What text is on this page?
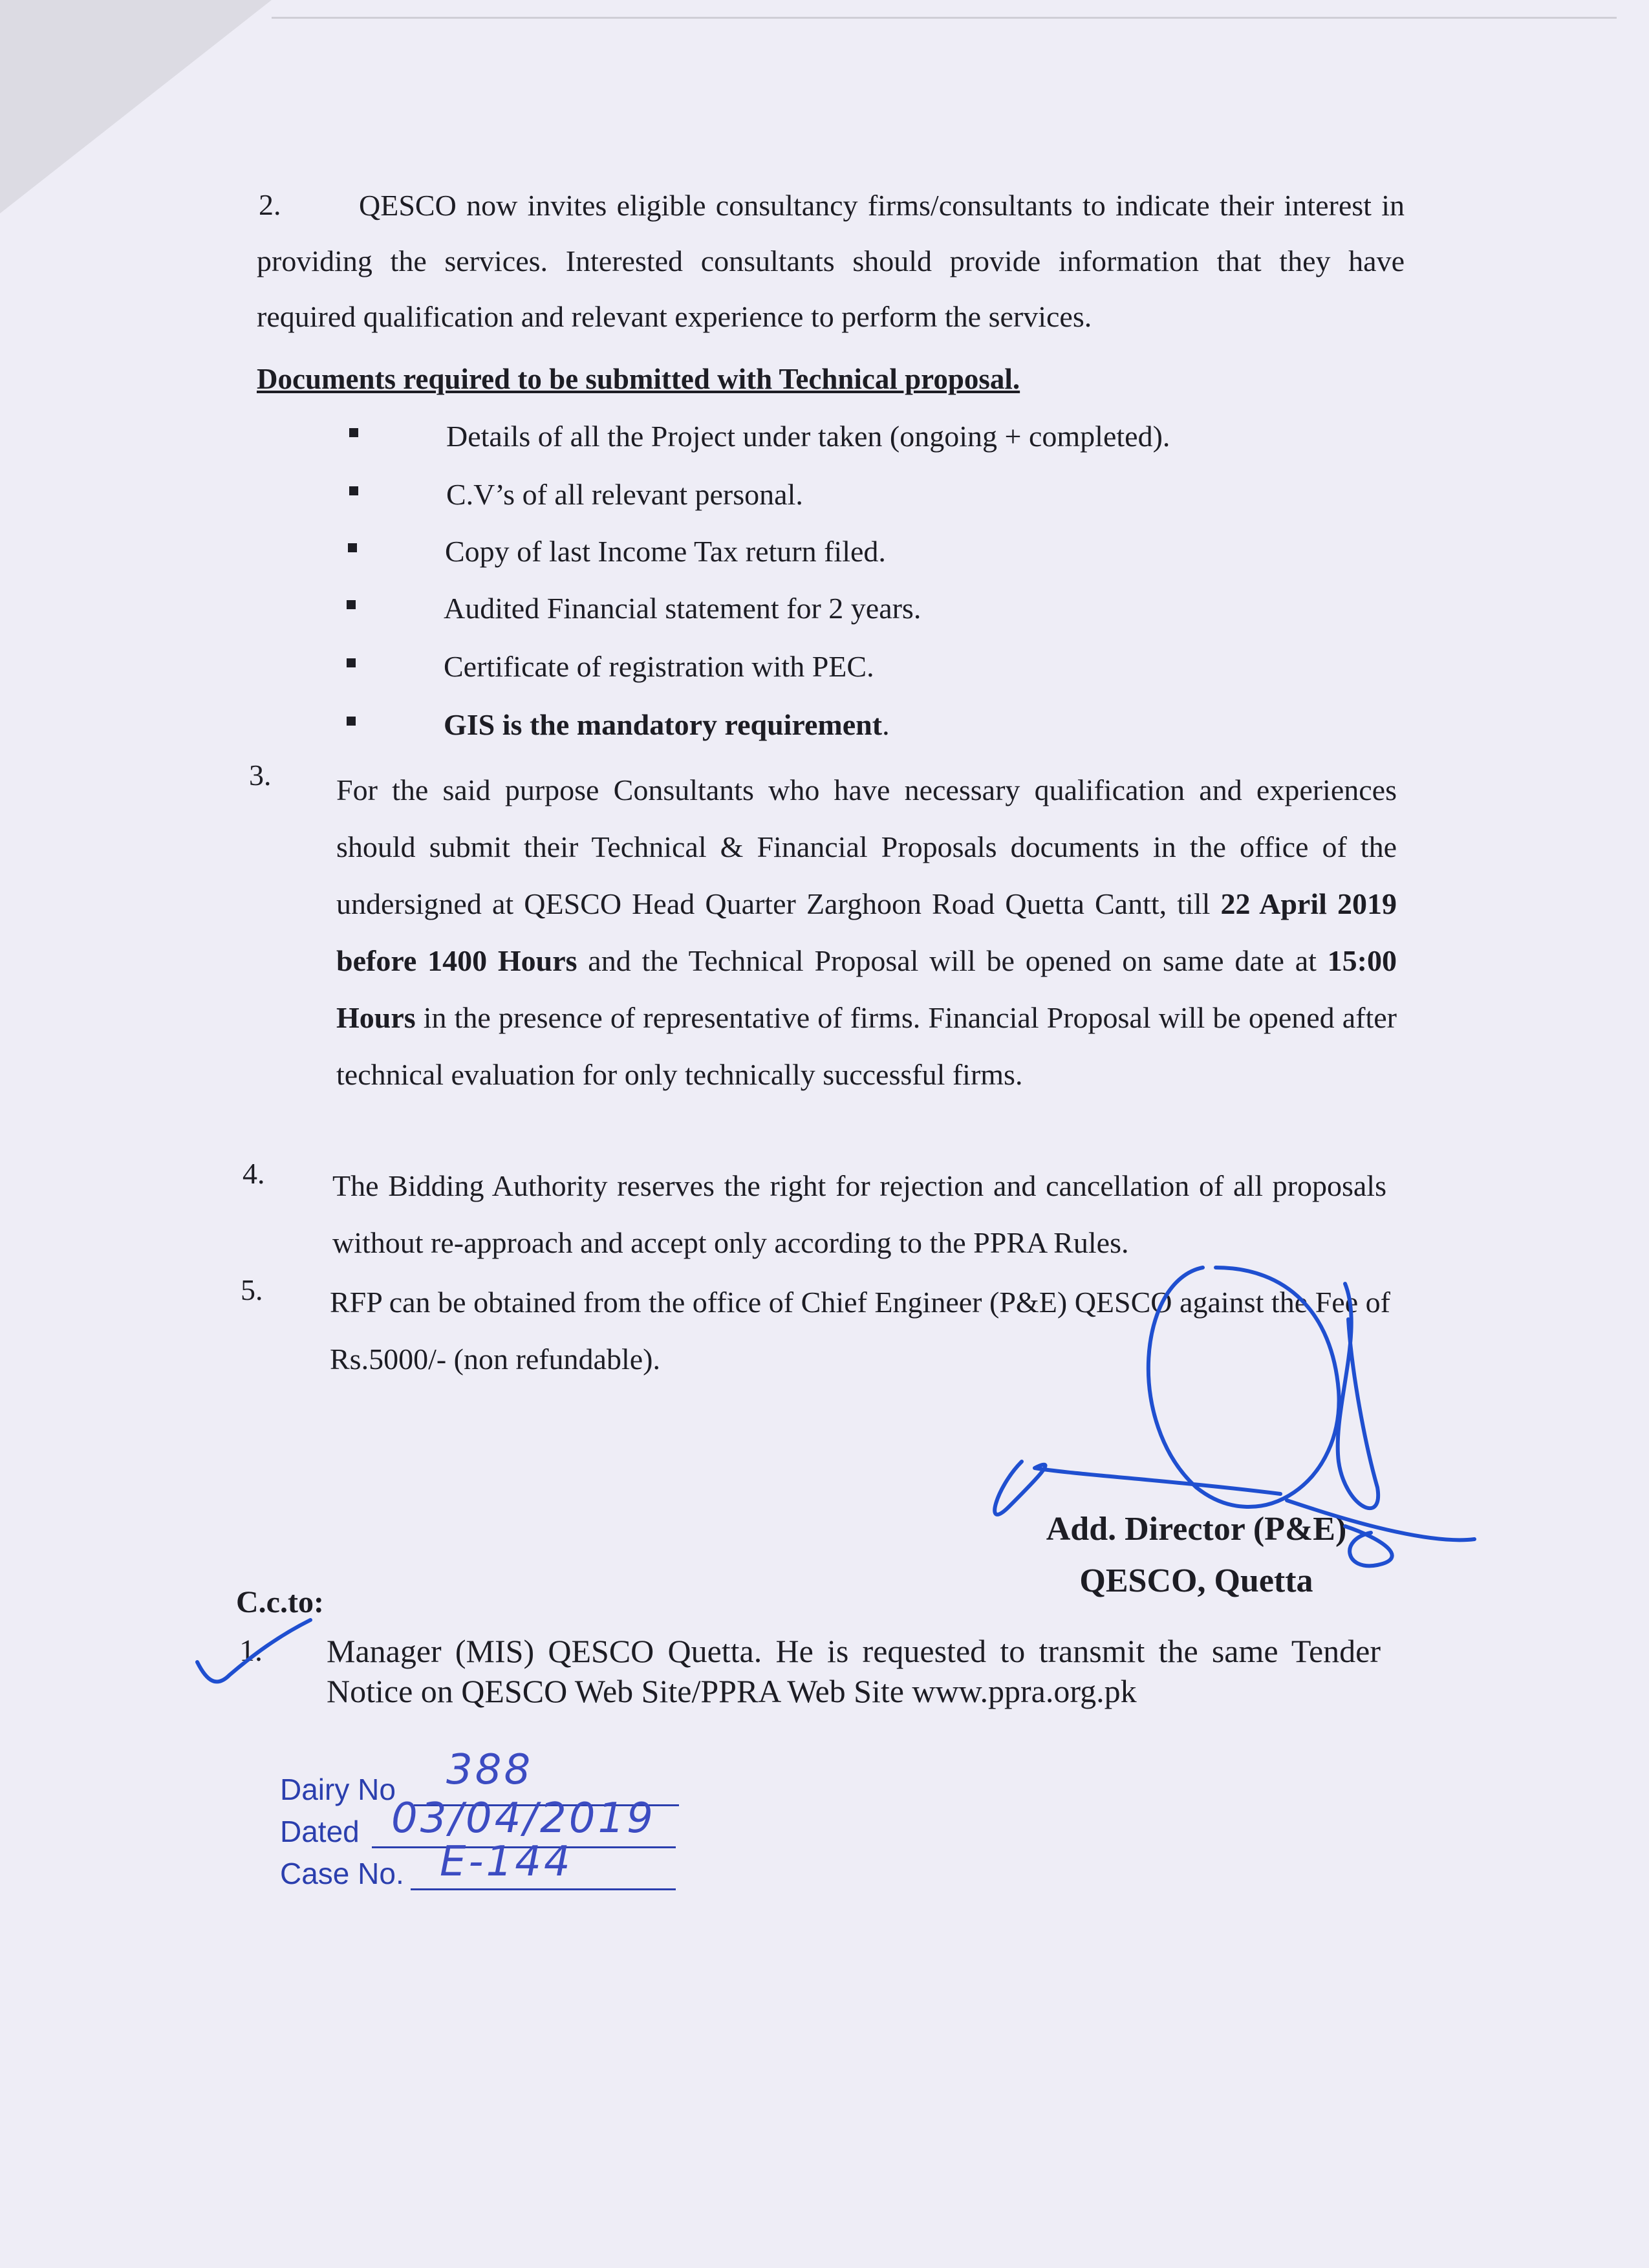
2.	QESCO now invites eligible consultancy firms/consultants to indicate their interest in providing the services. Interested consultants should provide information that they have required qualification and relevant experience to perform the services.
Documents required to be submitted with Technical proposal.
Details of all the Project under taken (ongoing + completed).
C.V’s of all relevant personal.
Copy of last Income Tax return filed.
Audited Financial statement for 2 years.
Certificate of registration with PEC.
GIS is the mandatory requirement.
3. For the said purpose Consultants who have necessary qualification and experiences should submit their Technical & Financial Proposals documents in the office of the undersigned at QESCO Head Quarter Zarghoon Road Quetta Cantt, till 22 April 2019 before 1400 Hours and the Technical Proposal will be opened on same date at 15:00 Hours in the presence of representative of firms. Financial Proposal will be opened after technical evaluation for only technically successful firms.
4. The Bidding Authority reserves the right for rejection and cancellation of all proposals without re-approach and accept only according to the PPRA Rules.
5. RFP can be obtained from the office of Chief Engineer (P&E) QESCO against the Fee of Rs.5000/- (non refundable).
Add. Director (P&E)
QESCO, Quetta
C.c.to:
1. Manager (MIS) QESCO Quetta. He is requested to transmit the same Tender Notice on QESCO Web Site/PPRA Web Site www.ppra.org.pk
Dairy No 388
Dated 03/04/2019
Case No. E-144
